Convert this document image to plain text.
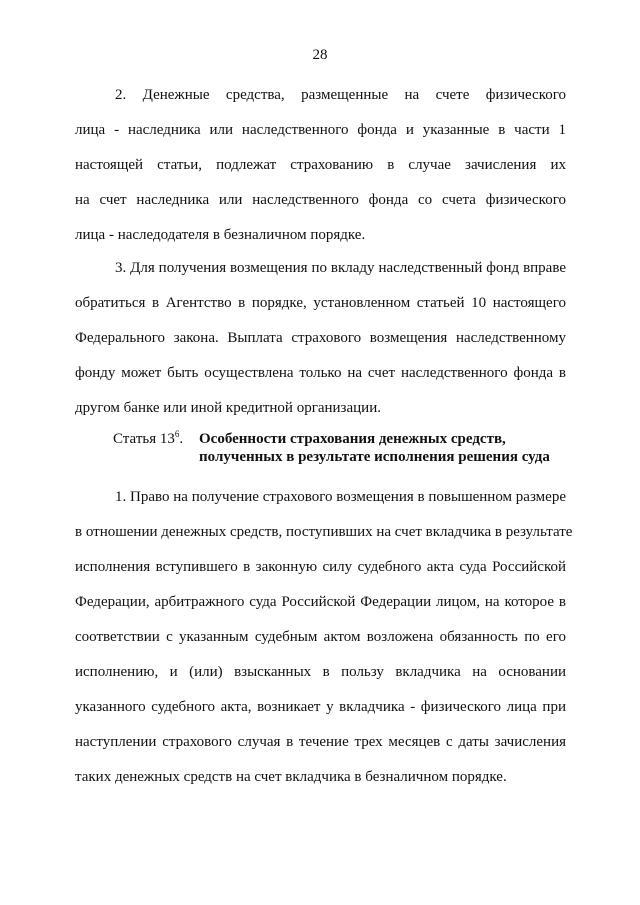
28
2. Денежные средства, размещенные на счете физического
лица - наследника или наследственного фонда и указанные в части 1
настоящей статьи, подлежат страхованию в случае зачисления их
на счет наследника или наследственного фонда со счета физического
лица - наследодателя в безналичном порядке.
3. Для получения возмещения по вкладу наследственный фонд вправе
обратиться в Агентство в порядке, установленном статьей 10 настоящего
Федерального закона. Выплата страхового возмещения наследственному
фонду может быть осуществлена только на счет наследственного фонда в
другом банке или иной кредитной организации.
Статья $13^6$. Особенности страхования денежных средств,
полученных в результате исполнения решения суда
1. Право на получение страхового возмещения в повышенном размере
в отношении денежных средств, поступивших на счет вкладчика в результате
исполнения вступившего в законную силу судебного акта суда Российской
Федерации, арбитражного суда Российской Федерации лицом, на которое в
соответствии с указанным судебным актом возложена обязанность по его
исполнению, и (или) взысканных в пользу вкладчика на основании
указанного судебного акта, возникает у вкладчика - физического лица при
наступлении страхового случая в течение трех месяцев с даты зачисления
таких денежных средств на счет вкладчика в безналичном порядке.
